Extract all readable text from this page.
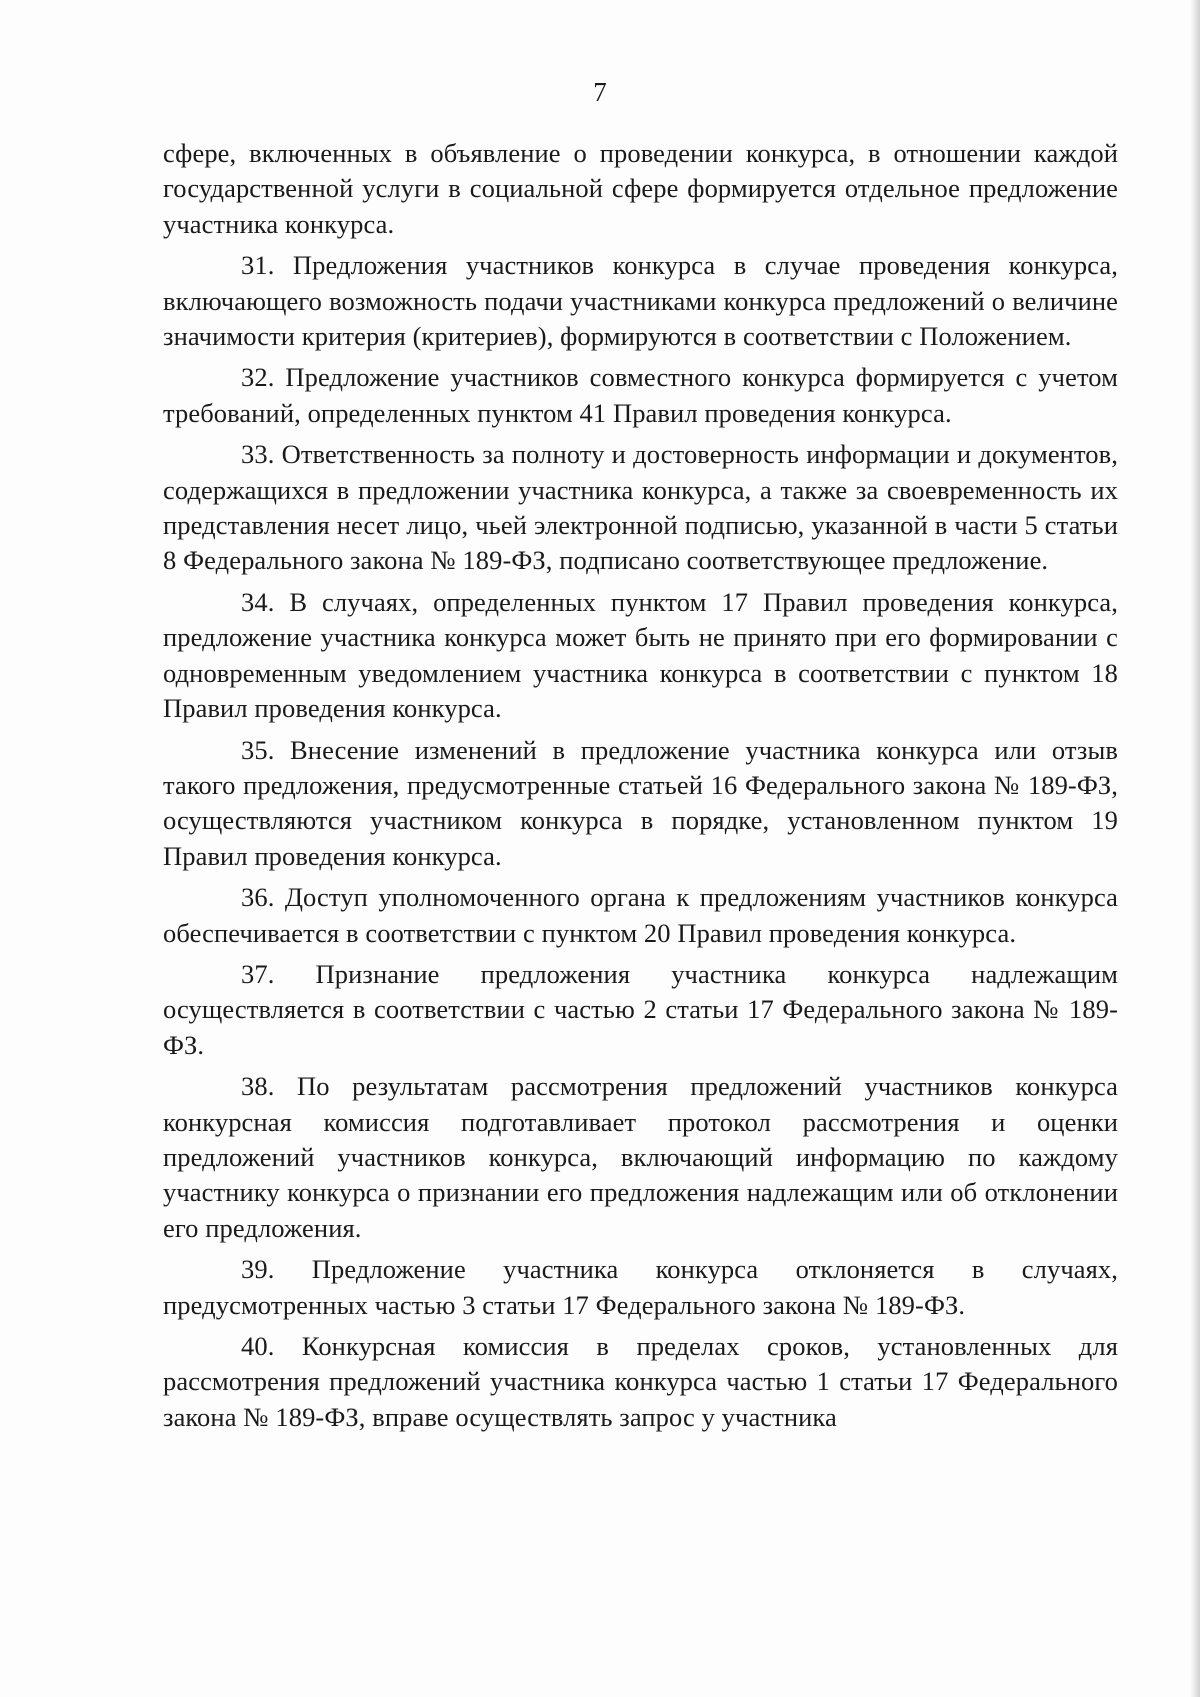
7

сфере, включенных в объявление о проведении конкурса, в отношении каждой государственной услуги в социальной сфере формируется отдельное предложение участника конкурса.

31. Предложения участников конкурса в случае проведения конкурса, включающего возможность подачи участниками конкурса предложений о величине значимости критерия (критериев), формируются в соответствии с Положением.

32. Предложение участников совместного конкурса формируется с учетом требований, определенных пунктом 41 Правил проведения конкурса.

33. Ответственность за полноту и достоверность информации и документов, содержащихся в предложении участника конкурса, а также за своевременность их представления несет лицо, чьей электронной подписью, указанной в части 5 статьи 8 Федерального закона № 189-ФЗ, подписано соответствующее предложение.

34. В случаях, определенных пунктом 17 Правил проведения конкурса, предложение участника конкурса может быть не принято при его формировании с одновременным уведомлением участника конкурса в соответствии с пунктом 18 Правил проведения конкурса.

35. Внесение изменений в предложение участника конкурса или отзыв такого предложения, предусмотренные статьей 16 Федерального закона № 189-ФЗ, осуществляются участником конкурса в порядке, установленном пунктом 19 Правил проведения конкурса.

36. Доступ уполномоченного органа к предложениям участников конкурса обеспечивается в соответствии с пунктом 20 Правил проведения конкурса.

37. Признание предложения участника конкурса надлежащим осуществляется в соответствии с частью 2 статьи 17 Федерального закона № 189-ФЗ.

38. По результатам рассмотрения предложений участников конкурса конкурсная комиссия подготавливает протокол рассмотрения и оценки предложений участников конкурса, включающий информацию по каждому участнику конкурса о признании его предложения надлежащим или об отклонении его предложения.

39. Предложение участника конкурса отклоняется в случаях, предусмотренных частью 3 статьи 17 Федерального закона № 189-ФЗ.

40. Конкурсная комиссия в пределах сроков, установленных для рассмотрения предложений участника конкурса частью 1 статьи 17 Федерального закона № 189-ФЗ, вправе осуществлять запрос у участника
